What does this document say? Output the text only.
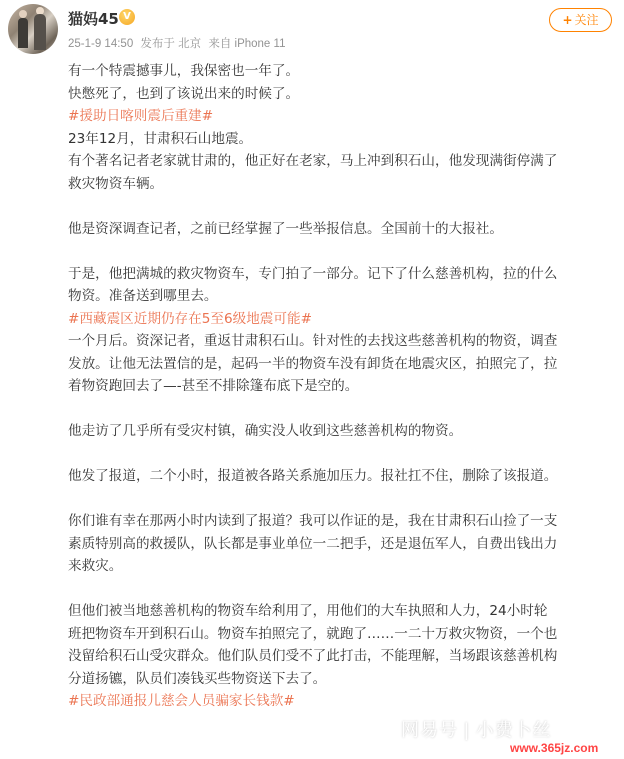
猫妈45 V
25-1-9 14:50 发布于 北京 来自 iPhone 11
+ 关注

有一个特震撼事儿，我保密也一年了。

快憋死了，也到了该说出来的时候了。

#援助日喀则震后重建#

23年12月，甘肃积石山地震。

有个著名记者老家就甘肃的，他正好在老家，马上冲到积石山，他发现满街停满了

救灾物资车辆。

他是资深调查记者，之前已经掌握了一些举报信息。全国前十的大报社。

于是，他把满城的救灾物资车，专门拍了一部分。记下了什么慈善机构，拉的什么

物资。准备送到哪里去。

#西藏震区近期仍存在5至6级地震可能#

一个月后。资深记者，重返甘肃积石山。针对性的去找这些慈善机构的物资，调查

发放。让他无法置信的是，起码一半的物资车没有卸货在地震灾区，拍照完了，拉

着物资跑回去了—-甚至不排除篷布底下是空的。

他走访了几乎所有受灾村镇，确实没人收到这些慈善机构的物资。

他发了报道，二个小时，报道被各路关系施加压力。报社扛不住，删除了该报道。

你们谁有幸在那两小时内读到了报道？我可以作证的是，我在甘肃积石山捡了一支

素质特别高的救援队，队长都是事业单位一二把手，还是退伍军人，自费出钱出力

来救灾。

但他们被当地慈善机构的物资车给利用了，用他们的大车执照和人力，24小时轮

班把物资车开到积石山。物资车拍照完了，就跑了……一二十万救灾物资，一个也

没留给积石山受灾群众。他们队员们受不了此打击，不能理解，当场跟该慈善机构

分道扬镳，队员们凑钱买些物资送下去了。

#民政部通报儿慈会人员骗家长钱款#

网易号 | 小费卜丝
www.365jz.com
